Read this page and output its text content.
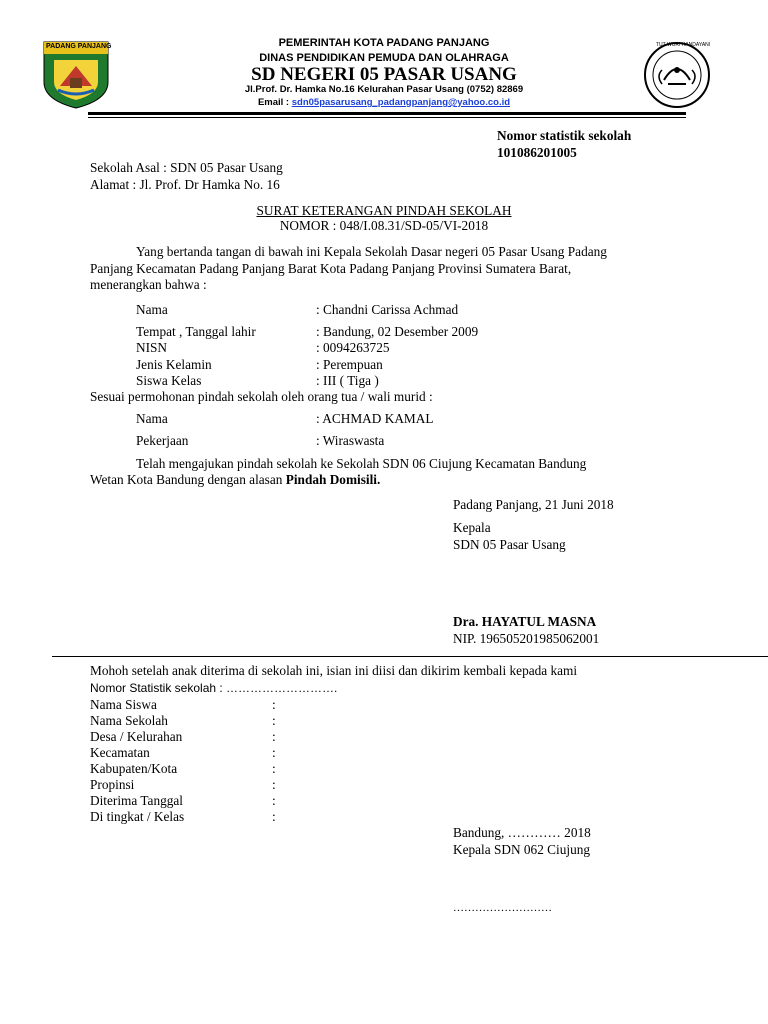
PADANG PANJANG	TUT WURI HANDAYANI
PEMERINTAH KOTA PADANG PANJANG
DINAS PENDIDIKAN PEMUDA DAN OLAHRAGA
SD NEGERI 05 PASAR USANG
Jl.Prof. Dr. Hamka No.16 Kelurahan Pasar Usang (0752) 82869
Email : sdn05pasarusang_padangpanjang@yahoo.co.id
Nomor statistik sekolah
101086201005
Sekolah Asal : SDN 05 Pasar Usang
Alamat : Jl. Prof. Dr Hamka No. 16
SURAT KETERANGAN PINDAH SEKOLAH
NOMOR : 048/I.08.31/SD-05/VI-2018
Yang bertanda tangan di bawah ini Kepala Sekolah Dasar negeri 05 Pasar Usang Padang
Panjang Kecamatan Padang Panjang Barat Kota Padang Panjang Provinsi Sumatera Barat,
menerangkan bahwa :
Nama	: Chandni Carissa Achmad
Tempat , Tanggal lahir	: Bandung, 02 Desember 2009
NISN	: 0094263725
Jenis Kelamin	: Perempuan
Siswa Kelas	: III ( Tiga )
Sesuai permohonan pindah sekolah oleh orang tua / wali murid :
Nama	: ACHMAD KAMAL
Pekerjaan	: Wiraswasta
Telah mengajukan pindah sekolah ke Sekolah SDN 06 Ciujung Kecamatan Bandung
Wetan Kota Bandung dengan alasan Pindah Domisili.
Padang Panjang, 21 Juni 2018
Kepala
SDN 05 Pasar Usang
Dra. HAYATUL MASNA
NIP. 196505201985062001
Mohoh setelah anak diterima di sekolah ini, isian ini diisi dan dikirim kembali kepada kami
Nomor Statistik sekolah : ……………………….
Nama Siswa	:
Nama Sekolah	:
Desa / Kelurahan	:
Kecamatan	:
Kabupaten/Kota	:
Propinsi	:
Diterima Tanggal	:
Di tingkat / Kelas	:
Bandung, ………… 2018
Kepala SDN 062 Ciujung
………………………
